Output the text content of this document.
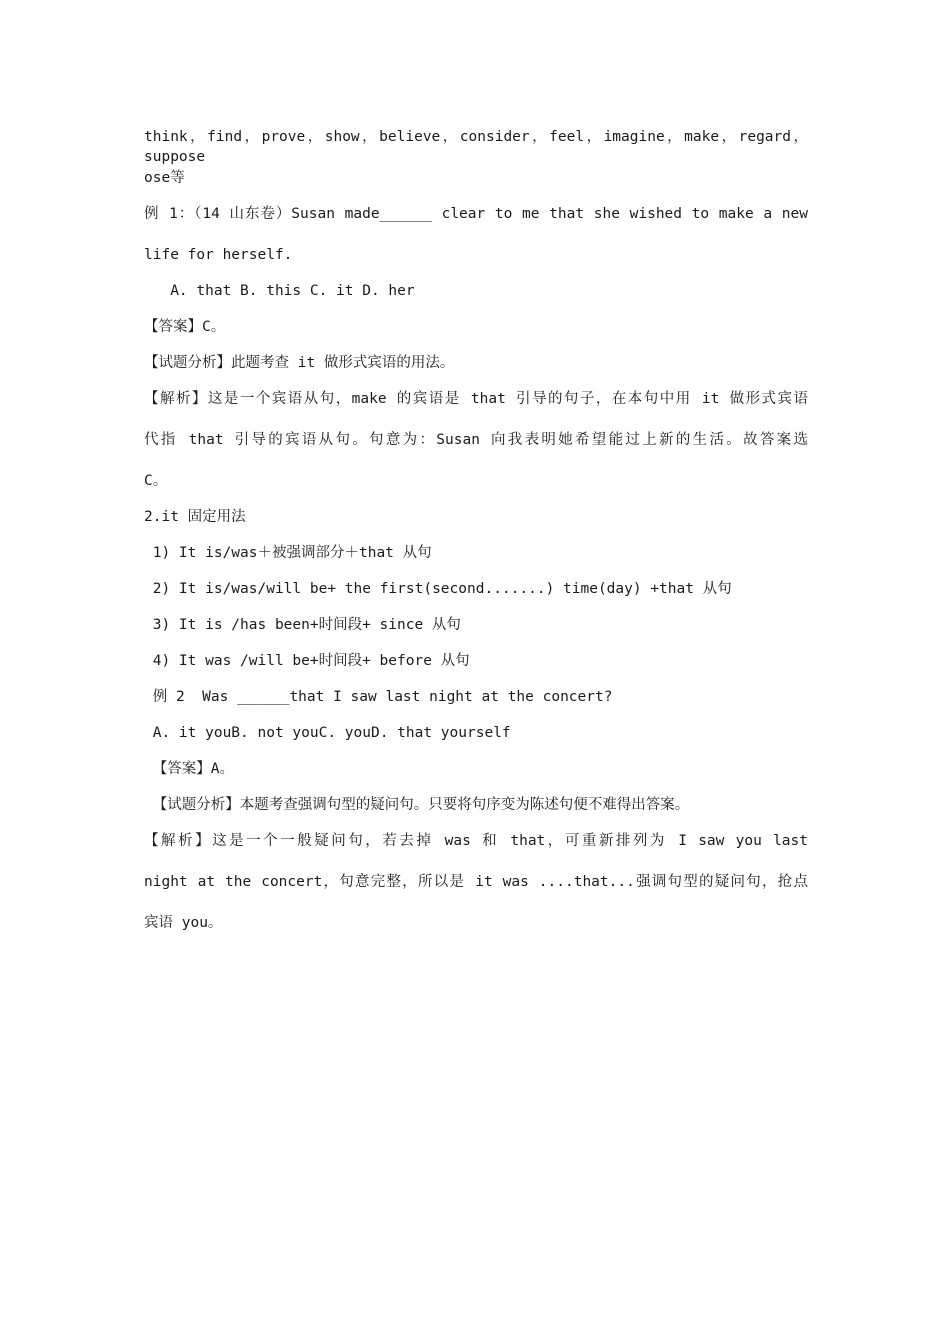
think，find，prove，show，believe，consider，feel，imagine，make，regard，suppose
ose等
例 1：（14 山东卷）Susan made______ clear to me that she wished to make a new
life for herself.
A. that B. this C. it D. her
【答案】C。
【试题分析】此题考查 it 做形式宾语的用法。
【解析】这是一个宾语从句，make 的宾语是 that 引导的句子，在本句中用 it 做形式宾语
代指 that 引导的宾语从句。句意为：Susan 向我表明她希望能过上新的生活。故答案选
C。
2.it 固定用法
1) It is/was＋被强调部分＋that 从句
2) It is/was/will be+ the first(second.......) time(day) +that 从句
3) It is /has been+时间段+ since 从句
4) It was /will be+时间段+ before 从句
例 2  Was ______that I saw last night at the concert?
A. it youB. not youC. youD. that yourself
【答案】A。
【试题分析】本题考查强调句型的疑问句。只要将句序变为陈述句便不难得出答案。
【解析】这是一个一般疑问句，若去掉 was 和 that，可重新排列为 I saw you last
night at the concert，句意完整，所以是 it was ....that...强调句型的疑问句，抢点
宾语 you。
